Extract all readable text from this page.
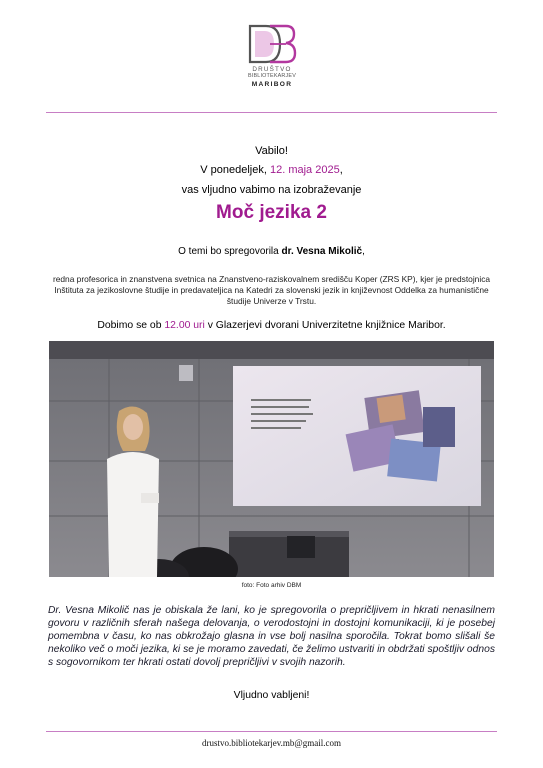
DRUŠTVO
BIBLIOTEKARJEV
MARIBOR
Vabilo!
V ponedeljek, 12. maja 2025,
vas vljudno vabimo na izobraževanje
Moč jezika 2
O temi bo spregovorila dr. Vesna Mikolič,
redna profesorica in znanstvena svetnica na Znanstveno-raziskovalnem središču Koper (ZRS KP), kjer je predstojnica Inštituta za jezikoslovne študije in predavateljica na Katedri za slovenski jezik in književnost Oddelka za humanistične študije Univerze v Trstu.
Dobimo se ob 12.00 uri v Glazerjevi dvorani Univerzitetne knjižnice Maribor.
foto: Foto arhiv DBM

Dr. Vesna Mikolič nas je obiskala že lani, ko je spregovorila o prepričljivem in hkrati nenasilnem govoru v različnih sferah našega delovanja, o verodostojni in dostojni komunikaciji, ki je posebej pomembna v času, ko nas obkrožajo glasna in vse bolj nasilna sporočila. Tokrat bomo slišali še nekoliko več o moči jezika, ki se je moramo zavedati, če želimo ustvariti in obdržati spoštljiv odnos s sogovornikom ter hkrati ostati dovolj prepričljivi v svojih nazorih.

Vljudno vabljeni!
drustvo.bibliotekarjev.mb@gmail.com
